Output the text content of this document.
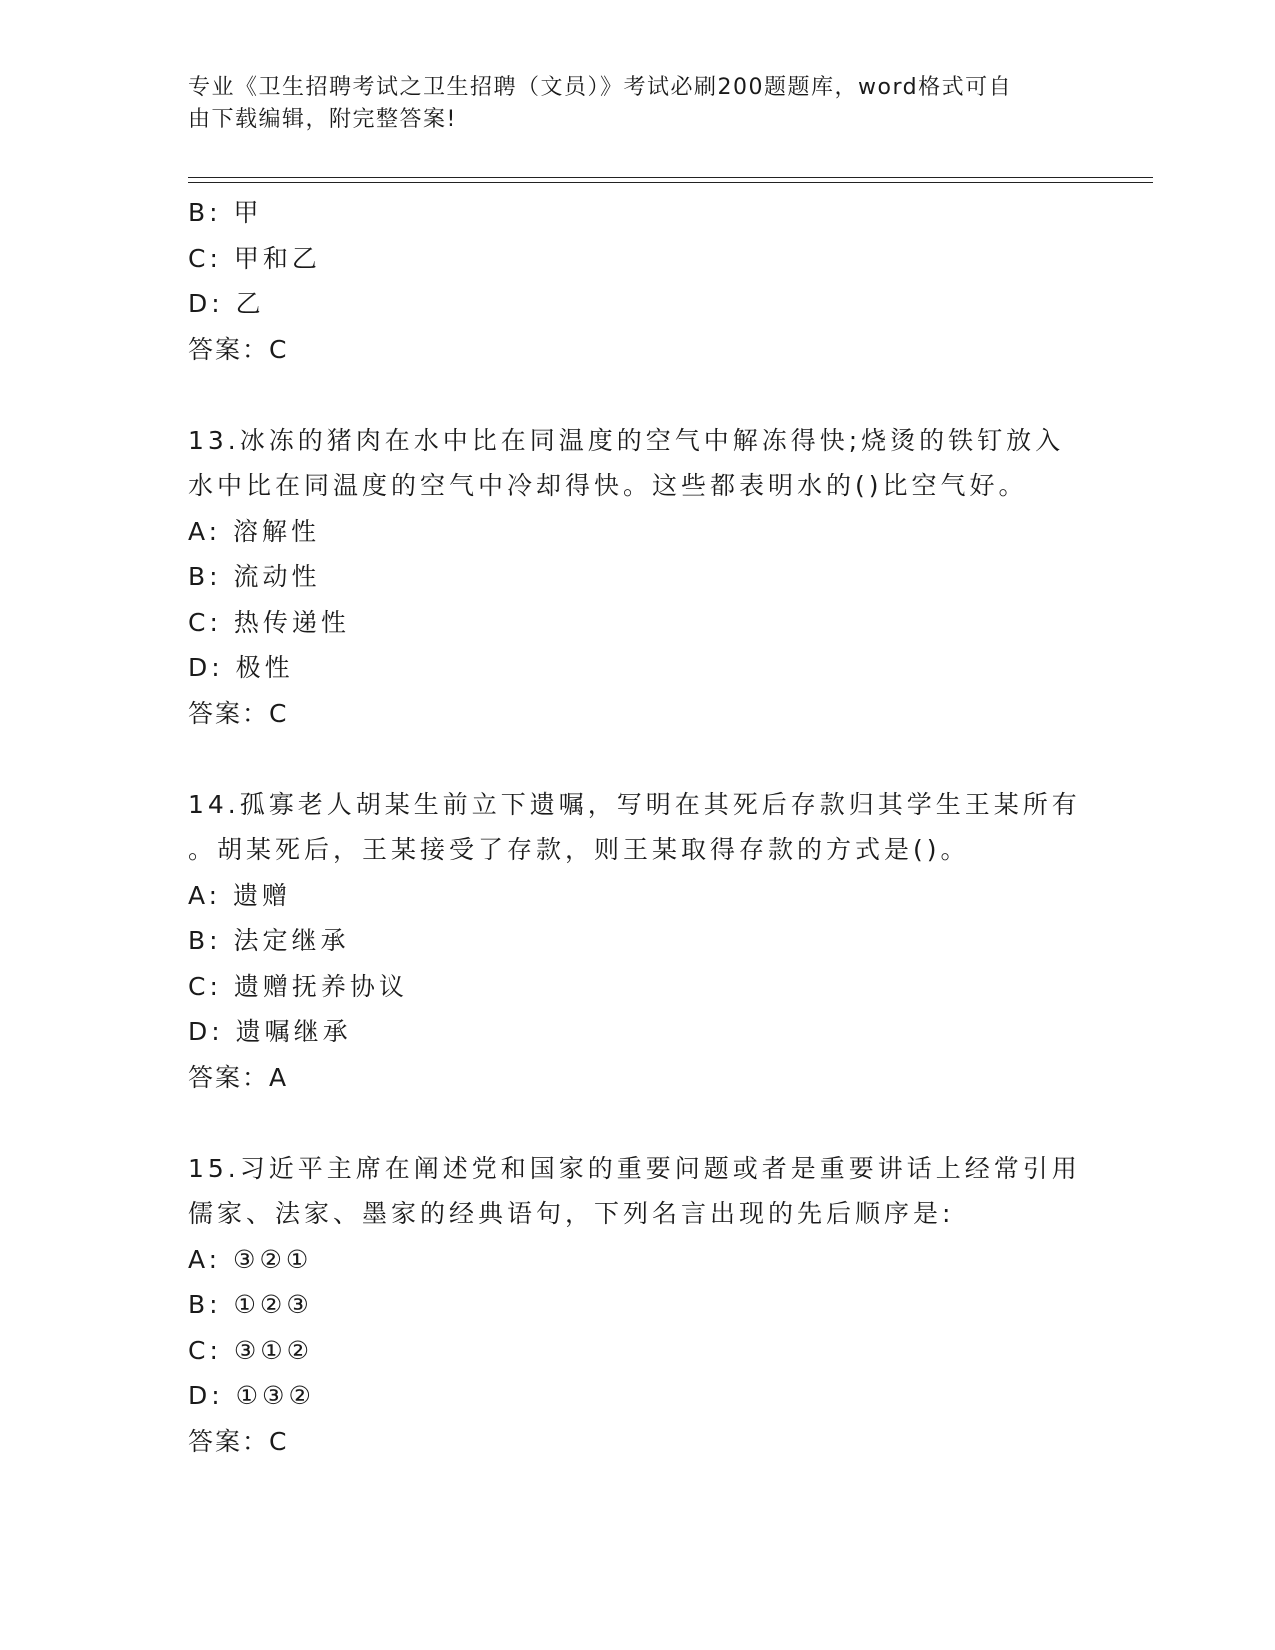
专业《卫生招聘考试之卫生招聘（文员）》考试必刷200题题库，word格式可自
由下载编辑，附完整答案!
B: 甲
C: 甲和乙
D: 乙
答案：C
13.冰冻的猪肉在水中比在同温度的空气中解冻得快;烧烫的铁钉放入
水中比在同温度的空气中冷却得快。这些都表明水的()比空气好。
A: 溶解性
B: 流动性
C: 热传递性
D: 极性
答案：C
14.孤寡老人胡某生前立下遗嘱，写明在其死后存款归其学生王某所有
。胡某死后，王某接受了存款，则王某取得存款的方式是()。
A: 遗赠
B: 法定继承
C: 遗赠抚养协议
D: 遗嘱继承
答案：A
15.习近平主席在阐述党和国家的重要问题或者是重要讲话上经常引用
儒家、法家、墨家的经典语句，下列名言出现的先后顺序是:
A: ③②①
B: ①②③
C: ③①②
D: ①③②
答案：C
